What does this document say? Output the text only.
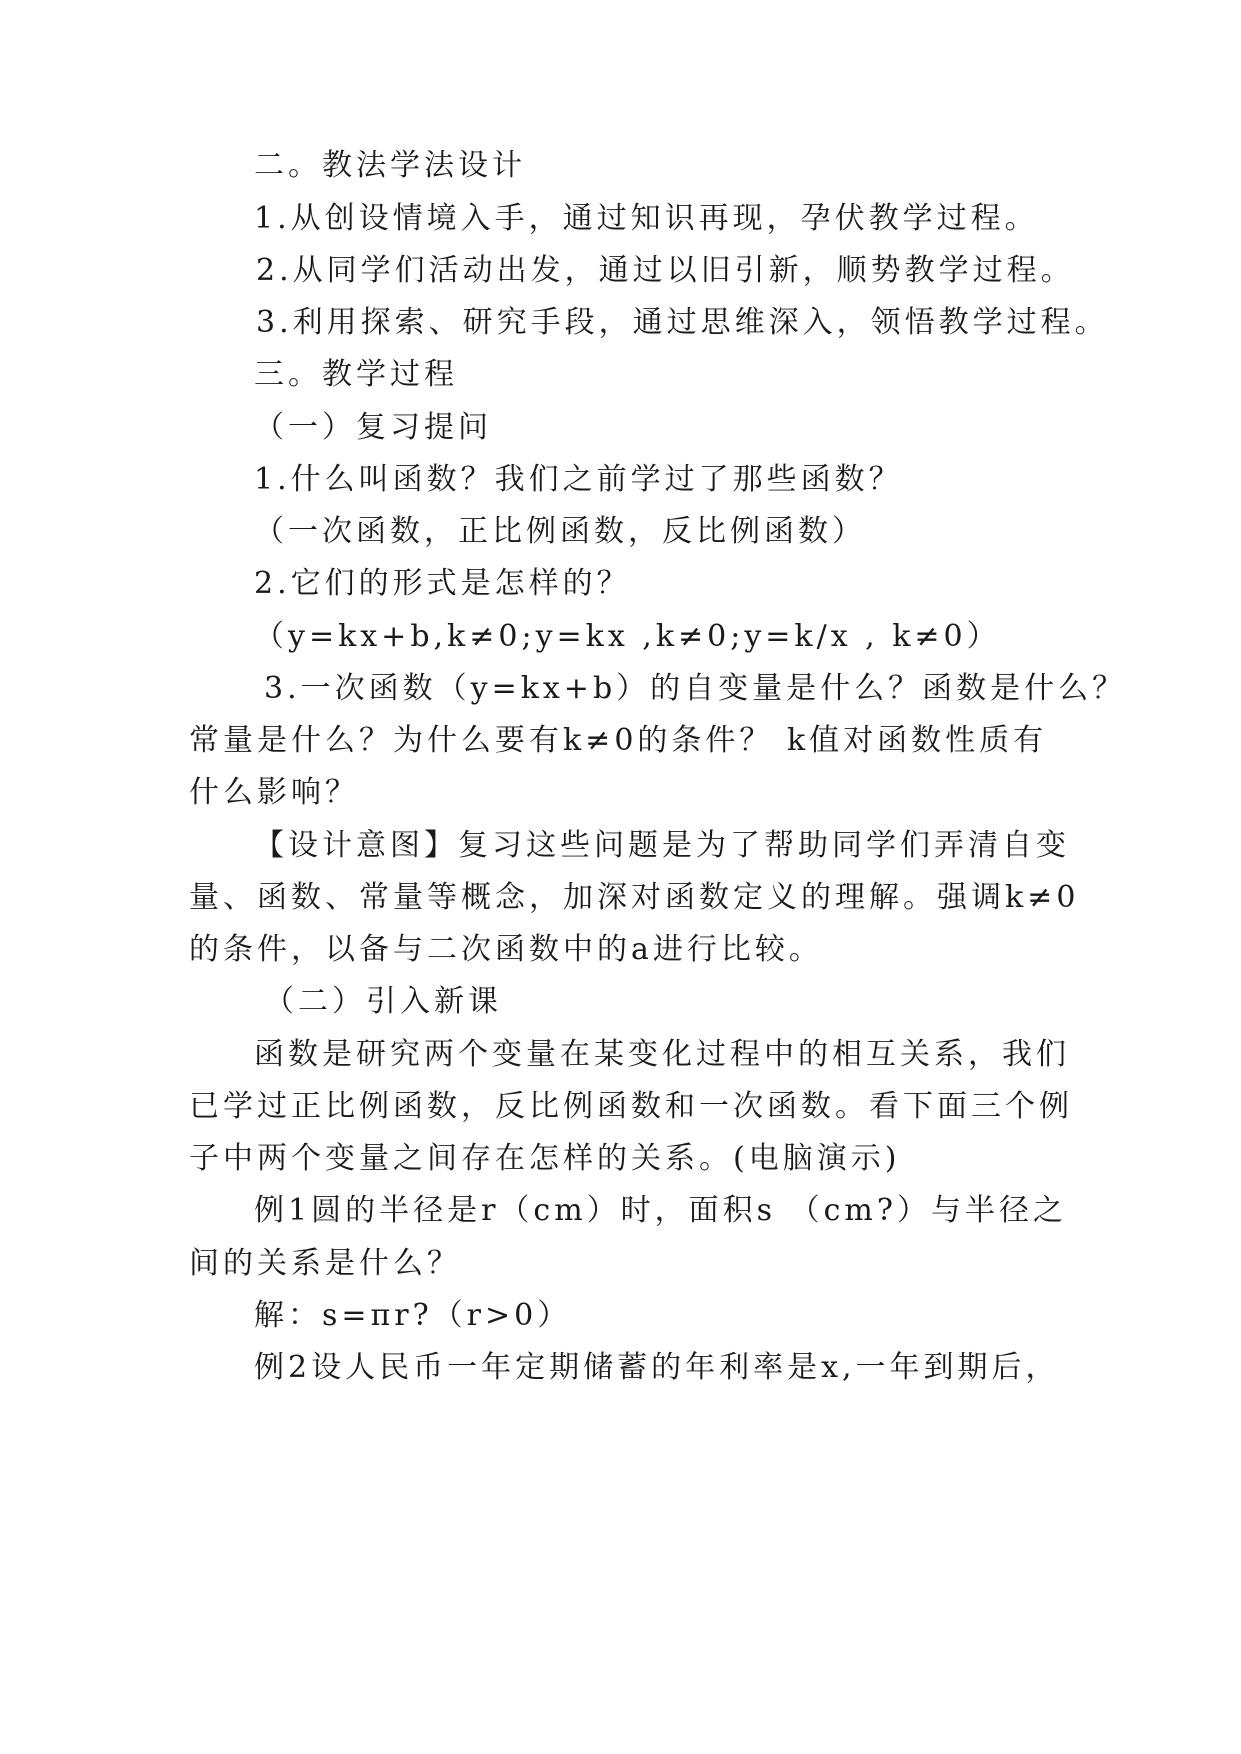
二。教法学法设计
1.从创设情境入手，通过知识再现，孕伏教学过程。
2.从同学们活动出发，通过以旧引新，顺势教学过程。
3.利用探索、研究手段，通过思维深入，领悟教学过程。
三。教学过程
（一）复习提问
1.什么叫函数？我们之前学过了那些函数？
（一次函数，正比例函数，反比例函数）
2.它们的形式是怎样的？
（y=kx+b,k≠0;y=kx ,k≠0;y=k/x , k≠0）
3.一次函数（y=kx+b）的自变量是什么？函数是什么？
常量是什么？为什么要有k≠0的条件？ k值对函数性质有
什么影响？
【设计意图】复习这些问题是为了帮助同学们弄清自变
量、函数、常量等概念，加深对函数定义的理解。强调k≠0
的条件，以备与二次函数中的a进行比较。
（二）引入新课
函数是研究两个变量在某变化过程中的相互关系，我们
已学过正比例函数，反比例函数和一次函数。看下面三个例
子中两个变量之间存在怎样的关系。(电脑演示)
例1圆的半径是r（cm）时，面积s （cm?）与半径之
间的关系是什么？
解：s=πr?（r>0）
例2设人民币一年定期储蓄的年利率是x,一年到期后，
